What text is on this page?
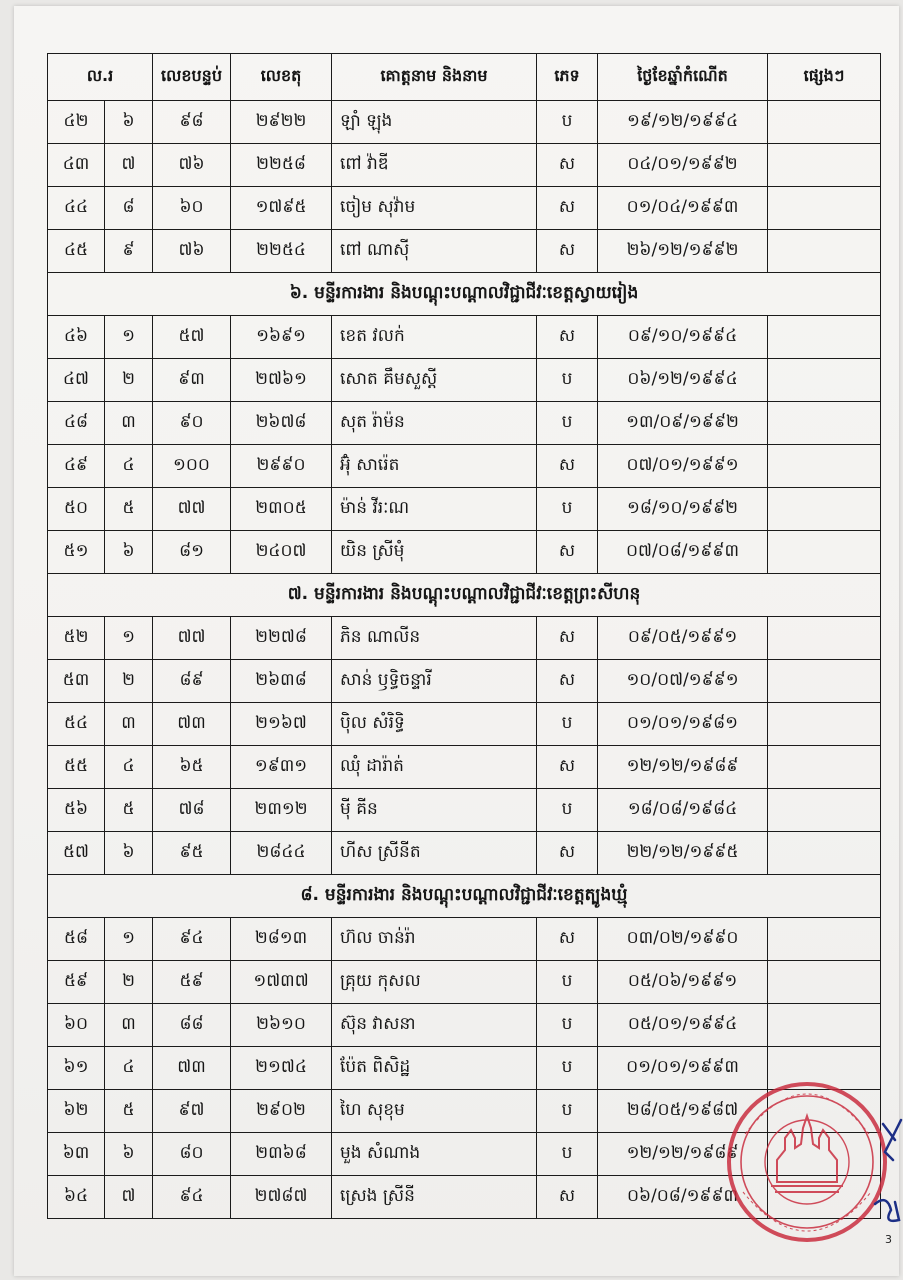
ល.រ		លេខបន្ទប់	លេខតុ	គោត្តនាម និងនាម	ភេទ	ថ្ងៃខែឆ្នាំកំណើត	ផ្សេងៗ
៤២	៦	៩៨	២៩២២	ឡាំ ឡុង	ប	១៩/១២/១៩៩៤	
៤៣	៧	៧៦	២២៥៨	ពៅ វ៉ាឌី	ស	០៤/០១/១៩៩២	
៤៤	៨	៦០	១៧៩៥	ចៀម សុវ៉ាម	ស	០១/០៤/១៩៩៣	
៤៥	៩	៧៦	២២៥៤	ពៅ ណាស៊ី	ស	២៦/១២/១៩៩២	
៦. មន្ទីរការងារ និងបណ្តុះបណ្តាលវិជ្ជាជីវៈខេត្តស្វាយរៀង							
៤៦	១	៥៧	១៦៩១	ខេត វលក់	ស	០៩/១០/១៩៩៤	
៤៧	២	៩៣	២៧៦១	សោត គឹមសួស្តី	ប	០៦/១២/១៩៩៤	
៤៨	៣	៩០	២៦៧៨	សុត រ៉ាម៉ន	ប	១៣/០៩/១៩៩២	
៤៩	៤	១០០	២៩៩០	អ៊ុំ សារ៉េត	ស	០៧/០១/១៩៩១	
៥០	៥	៧៧	២៣០៥	ម៉ាន់ វីរៈណ	ប	១៨/១០/១៩៩២	
៥១	៦	៨១	២៤០៧	យិន ស្រីមុំ	ស	០៧/០៨/១៩៩៣	
៧. មន្ទីរការងារ និងបណ្តុះបណ្តាលវិជ្ជាជីវៈខេត្តព្រះសីហនុ							
៥២	១	៧៧	២២៧៨	ភិន ណាលីន	ស	០៩/០៥/១៩៩១	
៥៣	២	៨៩	២៦៣៨	សាន់ ឫទ្ធិចន្ទារី	ស	១០/០៧/១៩៩១	
៥៤	៣	៧៣	២១៦៧	ប៉ិល សំរិទ្ធិ	ប	០១/០១/១៩៨១	
៥៥	៤	៦៥	១៩៣១	ឈុំ ដារ៉ាត់	ស	១២/១២/១៩៨៩	
៥៦	៥	៧៨	២៣១២	ម៉ី គីន	ប	១៨/០៨/១៩៨៤	
៥៧	៦	៩៥	២៨៤៤	ហីស ស្រីនីត	ស	២២/១២/១៩៩៥	
៨. មន្ទីរការងារ និងបណ្តុះបណ្តាលវិជ្ជាជីវៈខេត្តត្បូងឃ្មុំ							
៥៨	១	៩៤	២៨១៣	ហ៊ល ចាន់រ៉ា	ស	០៣/០២/១៩៩០	
៥៩	២	៥៩	១៧៣៧	គ្រុយ កុសល	ប	០៥/០៦/១៩៩១	
៦០	៣	៨៨	២៦១០	ស៊ុន វាសនា	ប	០៥/០១/១៩៩៤	
៦១	៤	៧៣	២១៧៤	ប៉ែត ពិសិដ្ឋ	ប	០១/០១/១៩៩៣	
៦២	៥	៩៧	២៩០២	ហៃ សុខុម	ប	២៨/០៥/១៩៨៧	
៦៣	៦	៨០	២៣៦៨	មួង សំណាង	ប	១២/១២/១៩៨៩	
៦៤	៧	៩៤	២៧៨៧	ស្រេង ស្រីនី	ស	០៦/០៨/១៩៩៣	
3
